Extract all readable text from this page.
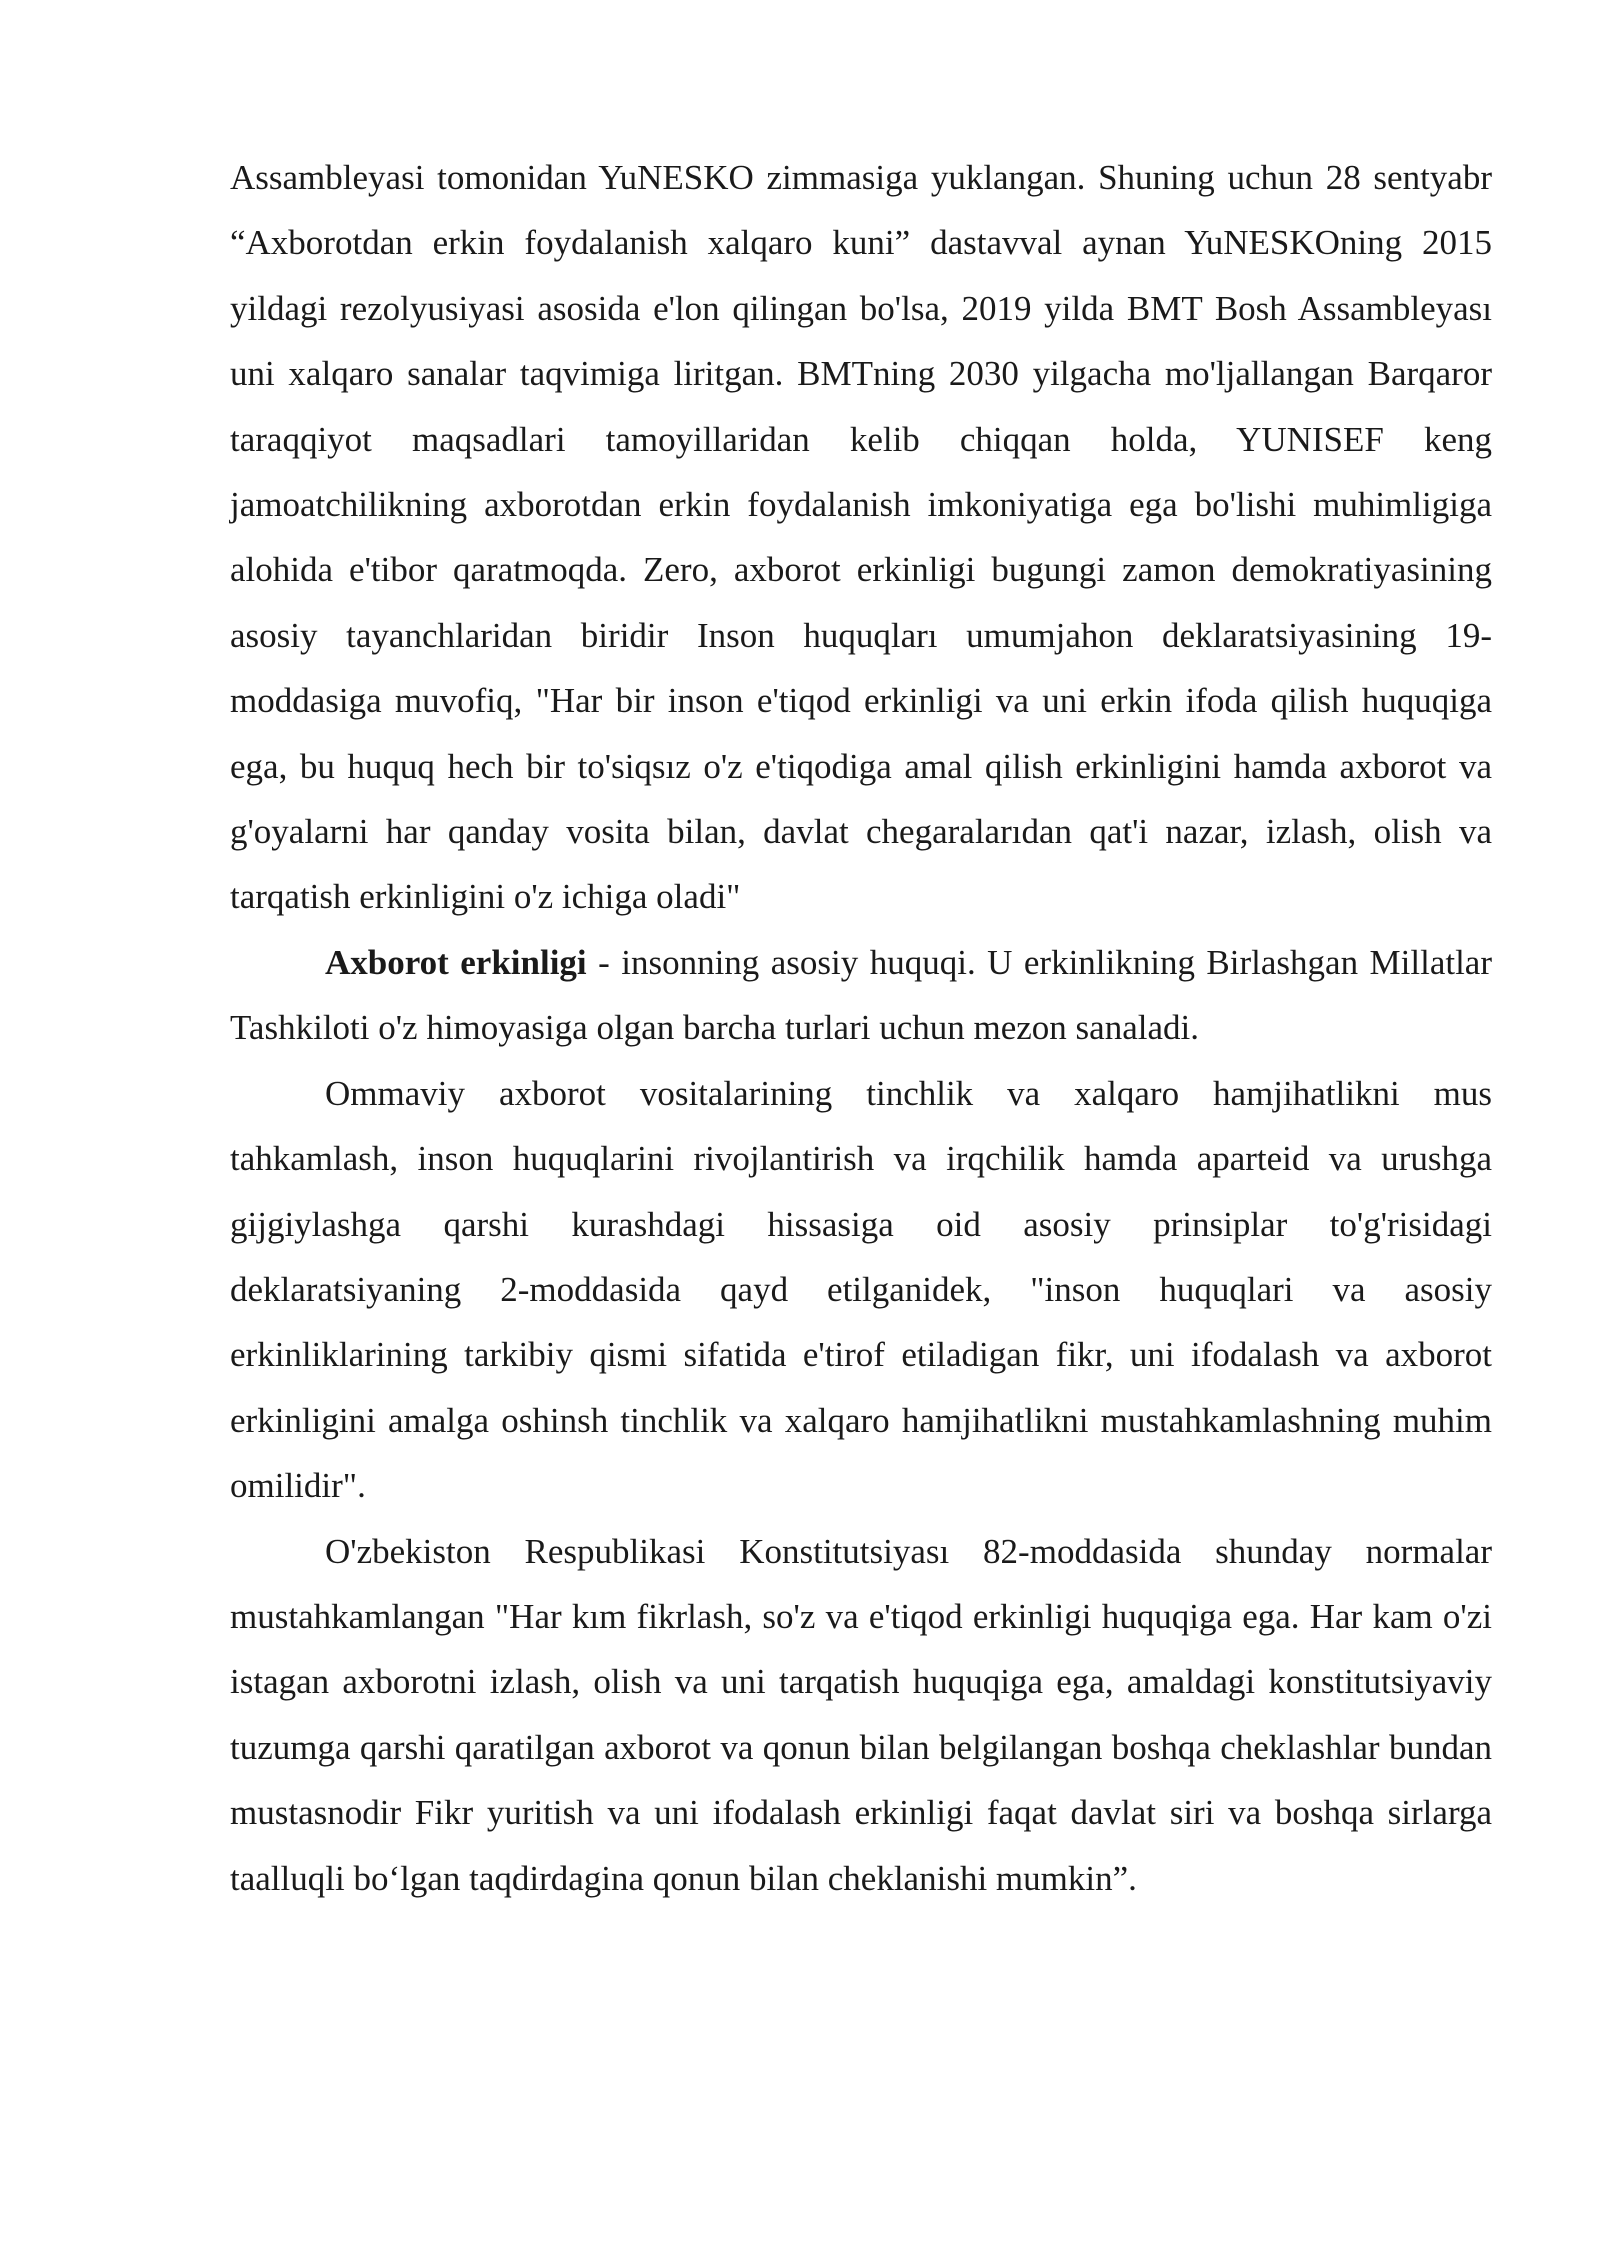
Assambleyasi tomonidan YuNESKO zimmasiga yuklangan. Shuning uchun 28 sentyabr “Axborotdan erkin foydalanish xalqaro kuni” dastavval aynan YuNESKOning 2015 yildagi rezolyusiyasi asosida e'lon qilingan bo'lsa, 2019 yilda BMT Bosh Assambleyası uni xalqaro sanalar taqvimiga liritgan. BMTning 2030 yilgacha mo'ljallangan Barqaror taraqqiyot maqsadlari tamoyillaridan kelib chiqqan holda, YUNISEF keng jamoatchilikning axborotdan erkin foydalanish imkoniyatiga ega bo'lishi muhimligiga alohida e'tibor qaratmoqda. Zero, axborot erkinligi bugungi zamon demokratiyasining asosiy tayanchlaridan biridir Inson huquqları umumjahon deklaratsiyasining 19-moddasiga muvofiq, "Har bir inson e'tiqod erkinligi va uni erkin ifoda qilish huquqiga ega, bu huquq hech bir to'siqsız o'z e'tiqodiga amal qilish erkinligini hamda axborot va g'oyalarni har qanday vosita bilan, davlat chegaralarıdan qat'i nazar, izlash, olish va tarqatish erkinligini o'z ichiga oladi"

Axborot erkinligi - insonning asosiy huquqi. U erkinlikning Birlashgan Millatlar Tashkiloti o'z himoyasiga olgan barcha turlari uchun mezon sanaladi.

Ommaviy axborot vositalarining tinchlik va xalqaro hamjihatlikni mus tahkamlash, inson huquqlarini rivojlantirish va irqchilik hamda aparteid va urushga gijgiylashga qarshi kurashdagi hissasiga oid asosiy prinsiplar to'g'risidagi deklaratsiyaning 2-moddasida qayd etilganidek, "inson huquqlari va asosiy erkinliklarining tarkibiy qismi sifatida e'tirof etiladigan fikr, uni ifodalash va axborot erkinligini amalga oshinsh tinchlik va xalqaro hamjihatlikni mustahkamlashning muhim omilidir".

O'zbekiston Respublikasi Konstitutsiyası 82-moddasida shunday normalar mustahkamlangan "Har kım fikrlash, so'z va e'tiqod erkinligi huquqiga ega. Har kam o'zi istagan axborotni izlash, olish va uni tarqatish huquqiga ega, amaldagi konstitutsiyaviy tuzumga qarshi qaratilgan axborot va qonun bilan belgilangan boshqa cheklashlar bundan mustasnodir Fikr yuritish va uni ifodalash erkinligi faqat davlat siri va boshqa sirlarga taalluqli boʻlgan taqdirdagina qonun bilan cheklanishi mumkin”.
